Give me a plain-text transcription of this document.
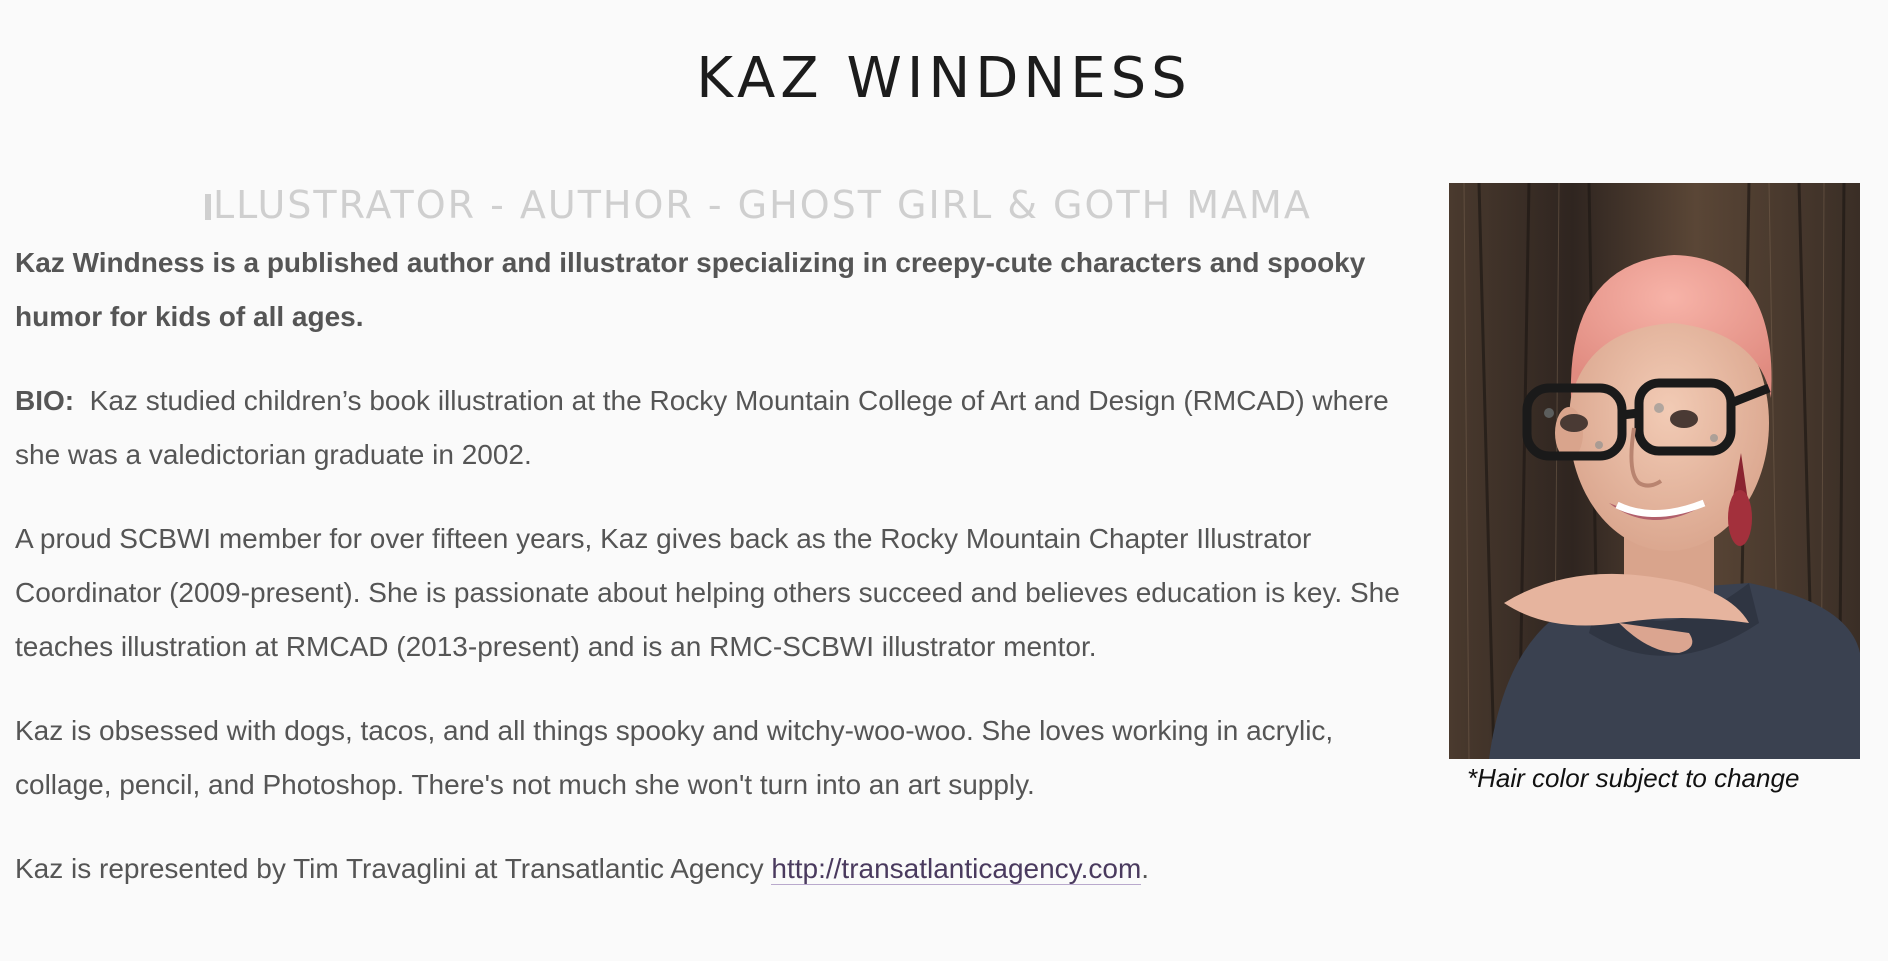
KAZ WINDNESS
LLUSTRATOR - AUTHOR - GHOST GIRL & GOTH MAMA

Kaz Windness is a published author and illustrator specializing in creepy-cute characters and spooky humor for kids of all ages.

BIO: Kaz studied children’s book illustration at the Rocky Mountain College of Art and Design (RMCAD) where she was a valedictorian graduate in 2002.

A proud SCBWI member for over fifteen years, Kaz gives back as the Rocky Mountain Chapter Illustrator Coordinator (2009-present). She is passionate about helping others succeed and believes education is key. She teaches illustration at RMCAD (2013-present) and is an RMC-SCBWI illustrator mentor.

Kaz is obsessed with dogs, tacos, and all things spooky and witchy-woo-woo. She loves working in acrylic, collage, pencil, and Photoshop. There's not much she won't turn into an art supply.

Kaz is represented by Tim Travaglini at Transatlantic Agency http://transatlanticagency.com.

*Hair color subject to change
